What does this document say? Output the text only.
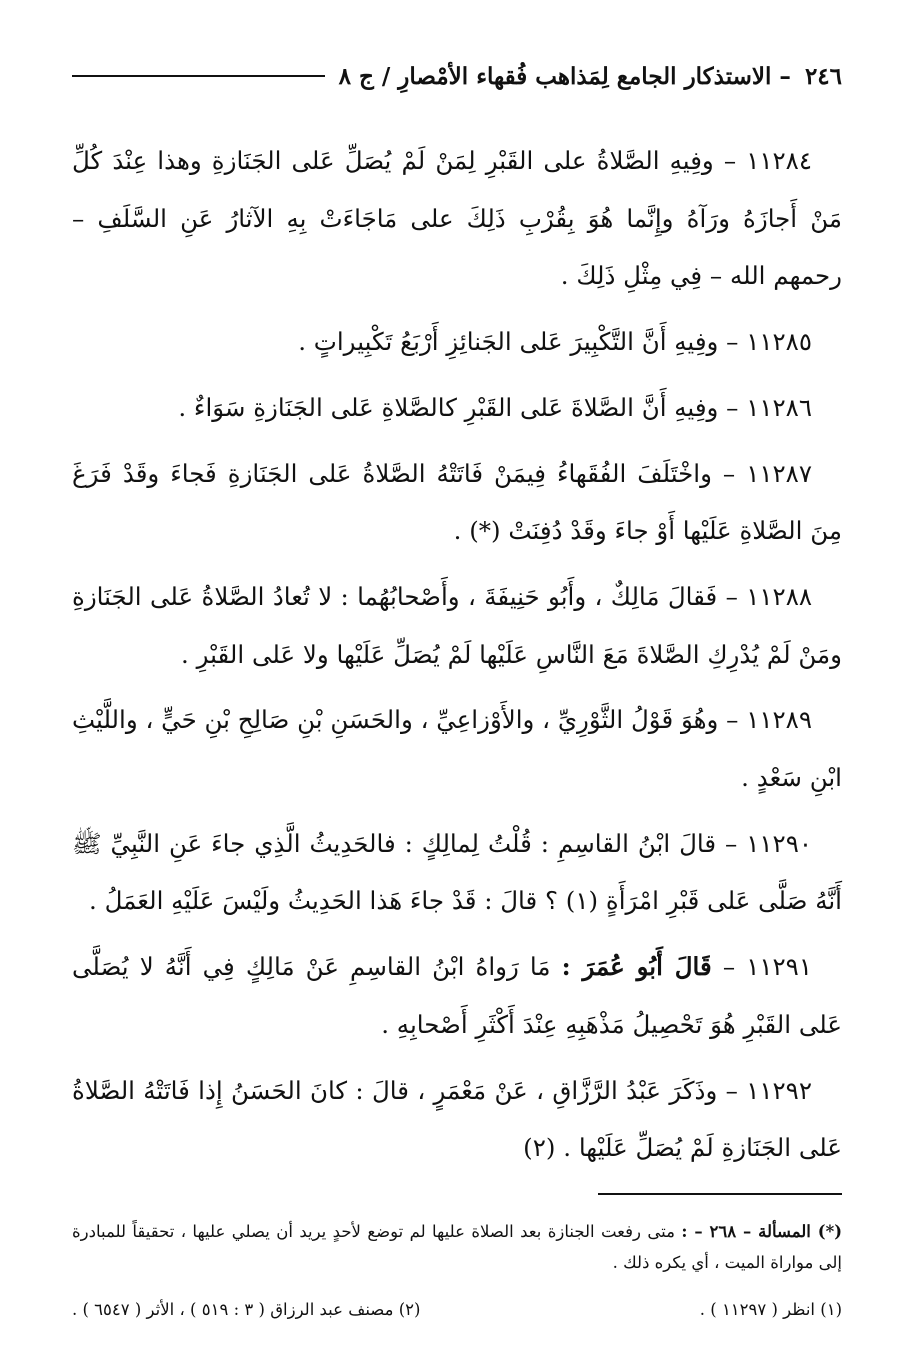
٢٤٦
– الاستذكار الجامع لِمَذاهب فُقهاء الأمْصارِ / ج ٨

١١٢٨٤ – وفِيهِ الصَّلاةُ على القَبْرِ لِمَنْ لَمْ يُصَلِّ عَلى الجَنَازةِ وهذا عِنْدَ كُلِّ مَنْ أَجازَهُ ورَآهُ وإِنَّما هُوَ بِقُرْبِ ذَلِكَ على مَاجَاءَتْ بِهِ الآثارُ عَنِ السَّلَفِ – رحمهم الله – فِي مِثْلِ ذَلِكَ .

١١٢٨٥ – وفِيهِ أَنَّ التَّكْبِيرَ عَلى الجَنائِزِ أَرْبَعُ تَكْبِيراتٍ .

١١٢٨٦ – وفِيهِ أَنَّ الصَّلاةَ عَلى القَبْرِ كالصَّلاةِ عَلى الجَنَازةِ سَوَاءٌ .

١١٢٨٧ – واخْتَلَفَ الفُقَهاءُ فِيمَنْ فَاتَتْهُ الصَّلاةُ عَلى الجَنَازةِ فَجاءَ وقَدْ فَرَغَ مِنَ الصَّلاةِ عَلَيْها أَوْ جاءَ وقَدْ دُفِنَتْ (*) .

١١٢٨٨ – فَقالَ مَالِكٌ ، وأَبُو حَنِيفَةَ ، وأَصْحابُهُما : لا تُعادُ الصَّلاةُ عَلى الجَنَازةِ ومَنْ لَمْ يُدْرِكِ الصَّلاةَ مَعَ النَّاسِ عَلَيْها لَمْ يُصَلِّ عَلَيْها ولا عَلى القَبْرِ .

١١٢٨٩ – وهُوَ قَوْلُ الثَّوْرِيِّ ، والأَوْزاعِيِّ ، والحَسَنِ بْنِ صَالِحِ بْنِ حَيٍّ ، واللَّيْثِ ابْنِ سَعْدٍ .

١١٢٩٠ – قالَ ابْنُ القاسِمِ : قُلْتُ لِمالِكٍ : فالحَدِيثُ الَّذِي جاءَ عَنِ النَّبِيِّ ﷺ أَنَّهُ صَلَّى عَلى قَبْرِ امْرَأَةٍ (١) ؟ قالَ : قَدْ جاءَ هَذا الحَدِيثُ ولَيْسَ عَلَيْهِ العَمَلُ .

١١٢٩١ – قَالَ أَبُو عُمَرَ : مَا رَواهُ ابْنُ القاسِمِ عَنْ مَالِكٍ فِي أَنَّهُ لا يُصَلَّى عَلى القَبْرِ هُوَ تَحْصِيلُ مَذْهَبِهِ عِنْدَ أَكْثَرِ أَصْحابِهِ .

١١٢٩٢ – وذَكَرَ عَبْدُ الرَّزَّاقِ ، عَنْ مَعْمَرٍ ، قالَ : كانَ الحَسَنُ إِذا فَاتَتْهُ الصَّلاةُ عَلى الجَنَازةِ لَمْ يُصَلِّ عَلَيْها . (٢)

(*) المسألة – ٢٦٨ – : متى رفعت الجنازة بعد الصلاة عليها لم توضع لأحدٍ يريد أن يصلي عليها ، تحقيقاً للمبادرة إلى مواراة الميت ، أي يكره ذلك .

(١) انظر ( ١١٢٩٧ ) .
(٢) مصنف عبد الرزاق ( ٣ : ٥١٩ ) ، الأثر ( ٦٥٤٧ ) .
